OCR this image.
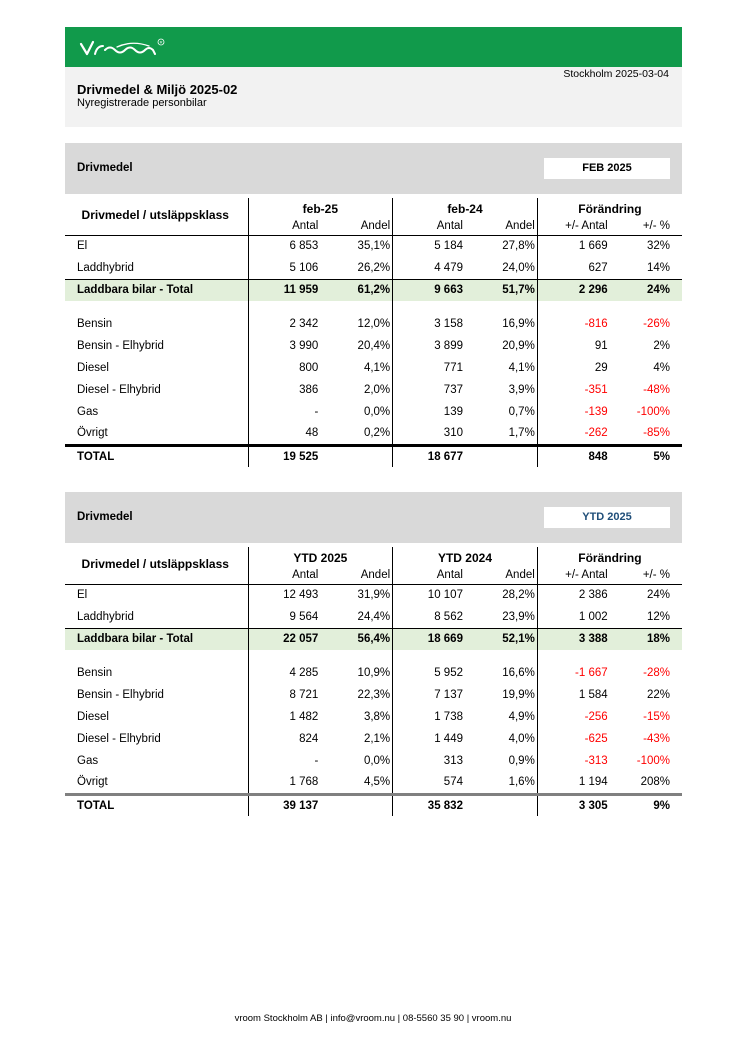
R
Stockholm 2025-03-04
Drivmedel & Miljö 2025-02
Nyregistrerade personbilar
Drivmedel	FEB 2025
Drivmedel / utsläppsklass	feb-25		feb-24		Förändring	
	Antal	Andel	Antal	Andel	+/- Antal	+/- %
El	6 853	35,1%	5 184	27,8%	1 669	32%
Laddhybrid	5 106	26,2%	4 479	24,0%	627	14%
Laddbara bilar - Total	11 959	61,2%	9 663	51,7%	2 296	24%

Bensin	2 342	12,0%	3 158	16,9%	-816	-26%
Bensin - Elhybrid	3 990	20,4%	3 899	20,9%	91	2%
Diesel	800	4,1%	771	4,1%	29	4%
Diesel - Elhybrid	386	2,0%	737	3,9%	-351	-48%
Gas	-	0,0%	139	0,7%	-139	-100%
Övrigt	48	0,2%	310	1,7%	-262	-85%
TOTAL	19 525		18 677		848	5%
Drivmedel	YTD 2025
Drivmedel / utsläppsklass	YTD 2025		YTD 2024		Förändring	
	Antal	Andel	Antal	Andel	+/- Antal	+/- %
El	12 493	31,9%	10 107	28,2%	2 386	24%
Laddhybrid	9 564	24,4%	8 562	23,9%	1 002	12%
Laddbara bilar - Total	22 057	56,4%	18 669	52,1%	3 388	18%

Bensin	4 285	10,9%	5 952	16,6%	-1 667	-28%
Bensin - Elhybrid	8 721	22,3%	7 137	19,9%	1 584	22%
Diesel	1 482	3,8%	1 738	4,9%	-256	-15%
Diesel - Elhybrid	824	2,1%	1 449	4,0%	-625	-43%
Gas	-	0,0%	313	0,9%	-313	-100%
Övrigt	1 768	4,5%	574	1,6%	1 194	208%
TOTAL	39 137		35 832		3 305	9%
vroom Stockholm AB | info@vroom.nu | 08-5560 35 90 | vroom.nu
